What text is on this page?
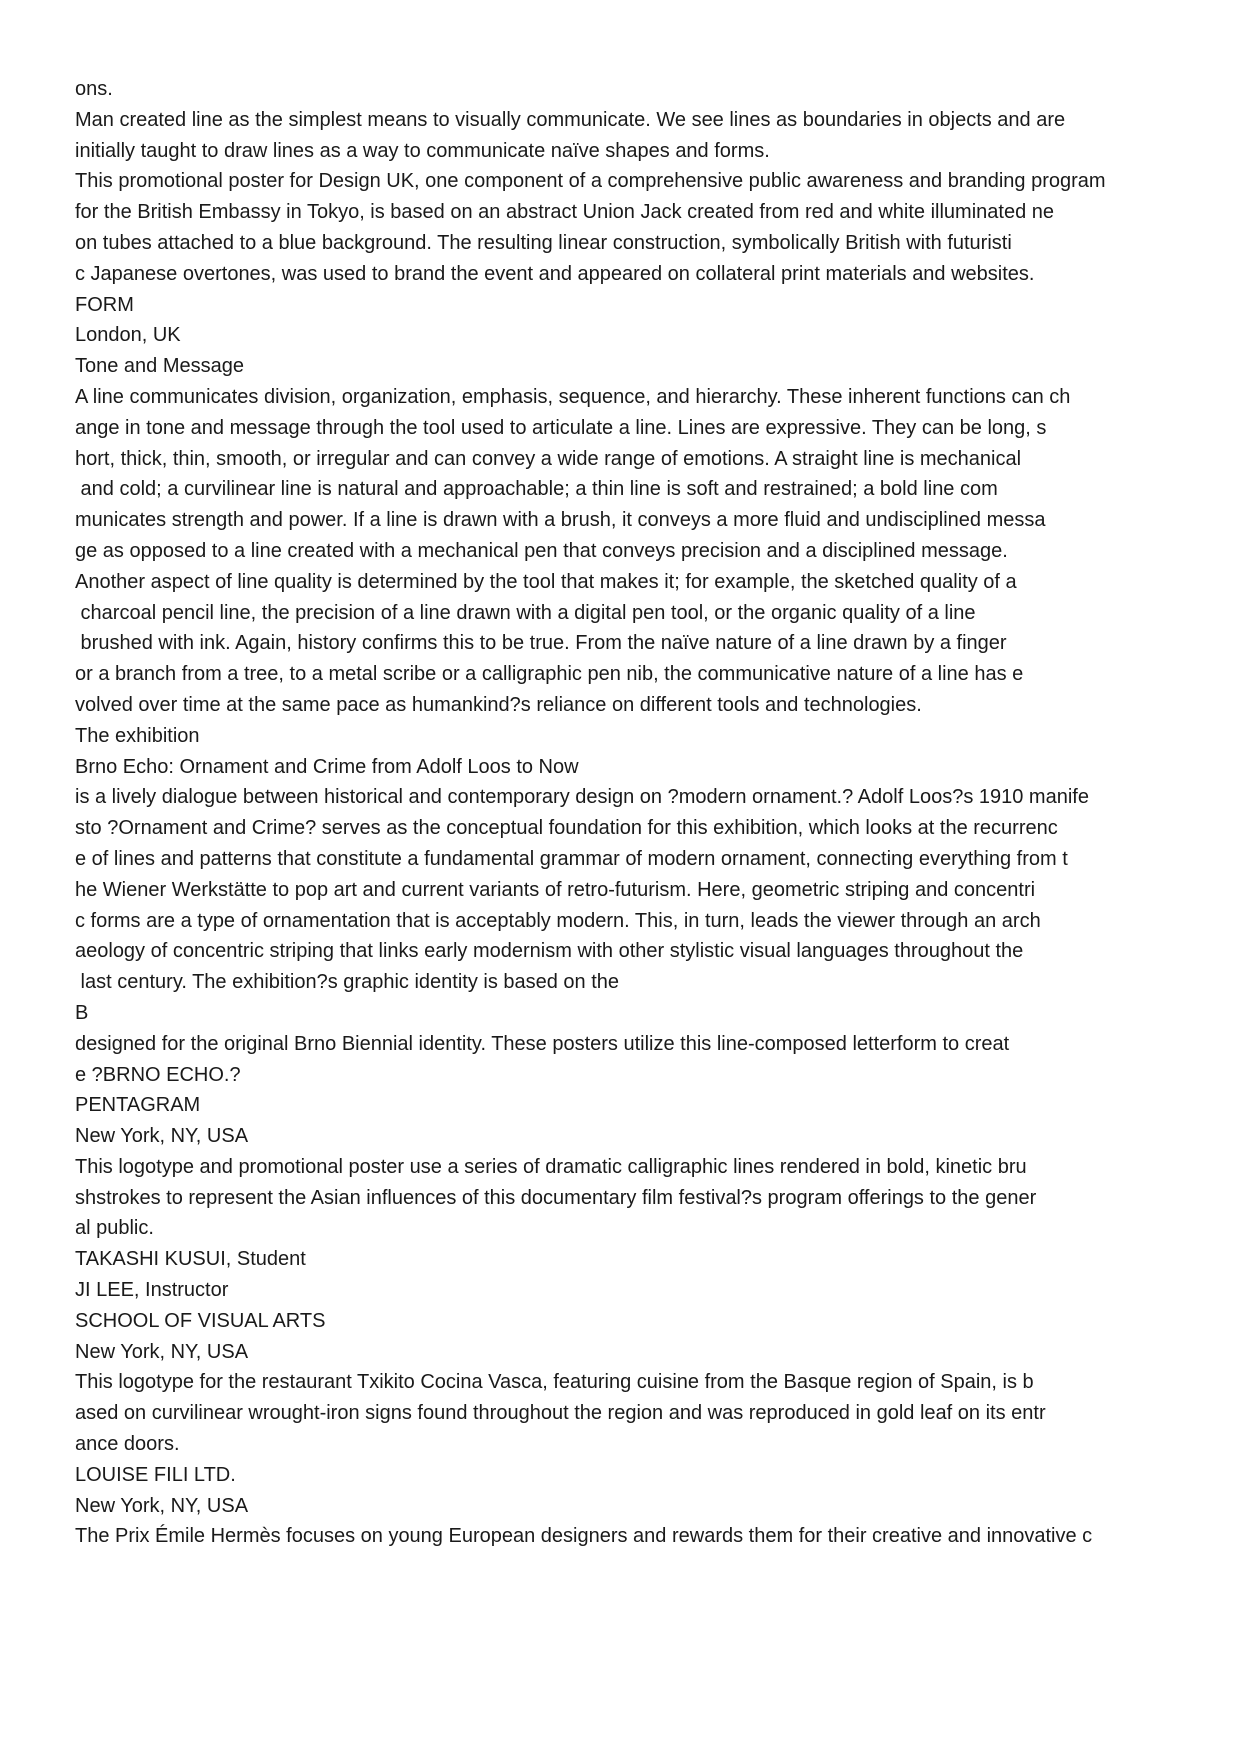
ons.
Man created line as the simplest means to visually communicate. We see lines as boundaries in objects and are
initially taught to draw lines as a way to communicate naïve shapes and forms.
This promotional poster for Design UK, one component of a comprehensive public awareness and branding program
for the British Embassy in Tokyo, is based on an abstract Union Jack created from red and white illuminated ne
on tubes attached to a blue background. The resulting linear construction, symbolically British with futuristi
c Japanese overtones, was used to brand the event and appeared on collateral print materials and websites.
FORM
London, UK
Tone and Message
A line communicates division, organization, emphasis, sequence, and hierarchy. These inherent functions can ch
ange in tone and message through the tool used to articulate a line. Lines are expressive. They can be long, s
hort, thick, thin, smooth, or irregular and can convey a wide range of emotions. A straight line is mechanical
and cold; a curvilinear line is natural and approachable; a thin line is soft and restrained; a bold line com
municates strength and power. If a line is drawn with a brush, it conveys a more fluid and undisciplined messa
ge as opposed to a line created with a mechanical pen that conveys precision and a disciplined message.
Another aspect of line quality is determined by the tool that makes it; for example, the sketched quality of a
charcoal pencil line, the precision of a line drawn with a digital pen tool, or the organic quality of a line
brushed with ink. Again, history confirms this to be true. From the naïve nature of a line drawn by a finger
or a branch from a tree, to a metal scribe or a calligraphic pen nib, the communicative nature of a line has e
volved over time at the same pace as humankind?s reliance on different tools and technologies.
The exhibition
Brno Echo: Ornament and Crime from Adolf Loos to Now
is a lively dialogue between historical and contemporary design on ?modern ornament.? Adolf Loos?s 1910 manife
sto ?Ornament and Crime? serves as the conceptual foundation for this exhibition, which looks at the recurrenc
e of lines and patterns that constitute a fundamental grammar of modern ornament, connecting everything from t
he Wiener Werkstätte to pop art and current variants of retro-futurism. Here, geometric striping and concentri
c forms are a type of ornamentation that is acceptably modern. This, in turn, leads the viewer through an arch
aeology of concentric striping that links early modernism with other stylistic visual languages throughout the
last century. The exhibition?s graphic identity is based on the
B
designed for the original Brno Biennial identity. These posters utilize this line-composed letterform to creat
e ?BRNO ECHO.?
PENTAGRAM
New York, NY, USA
This logotype and promotional poster use a series of dramatic calligraphic lines rendered in bold, kinetic bru
shstrokes to represent the Asian influences of this documentary film festival?s program offerings to the gener
al public.
TAKASHI KUSUI, Student
JI LEE, Instructor
SCHOOL OF VISUAL ARTS
New York, NY, USA
This logotype for the restaurant Txikito Cocina Vasca, featuring cuisine from the Basque region of Spain, is b
ased on curvilinear wrought-iron signs found throughout the region and was reproduced in gold leaf on its entr
ance doors.
LOUISE FILI LTD.
New York, NY, USA
The Prix Émile Hermès focuses on young European designers and rewards them for their creative and innovative c
